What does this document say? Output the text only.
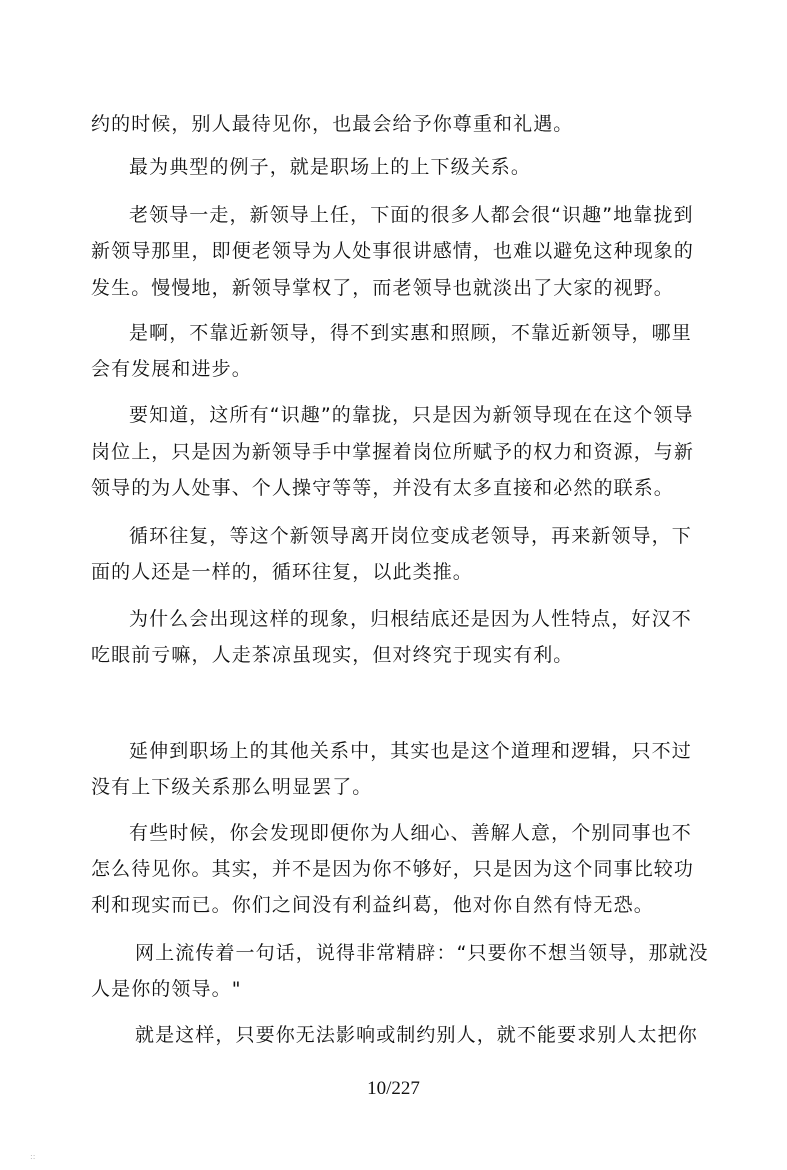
约的时候，别人最待见你，也最会给予你尊重和礼遇。
最为典型的例子，就是职场上的上下级关系。
老领导一走，新领导上任，下面的很多人都会很“识趣”地靠拢到
新领导那里，即便老领导为人处事很讲感情，也难以避免这种现象的
发生。慢慢地，新领导掌权了，而老领导也就淡出了大家的视野。
是啊，不靠近新领导，得不到实惠和照顾，不靠近新领导，哪里
会有发展和进步。
要知道，这所有“识趣”的靠拢，只是因为新领导现在在这个领导
岗位上，只是因为新领导手中掌握着岗位所赋予的权力和资源，与新
领导的为人处事、个人操守等等，并没有太多直接和必然的联系。
循环往复，等这个新领导离开岗位变成老领导，再来新领导，下
面的人还是一样的，循环往复，以此类推。
为什么会出现这样的现象，归根结底还是因为人性特点，好汉不
吃眼前亏嘛，人走茶凉虽现实，但对终究于现实有利。
延伸到职场上的其他关系中，其实也是这个道理和逻辑，只不过
没有上下级关系那么明显罢了。
有些时候，你会发现即便你为人细心、善解人意，个别同事也不
怎么待见你。其实，并不是因为你不够好，只是因为这个同事比较功
利和现实而已。你们之间没有利益纠葛，他对你自然有恃无恐。
网上流传着一句话，说得非常精辟：“只要你不想当领导，那就没
人是你的领导。"
就是这样，只要你无法影响或制约别人，就不能要求别人太把你
10/227
::
